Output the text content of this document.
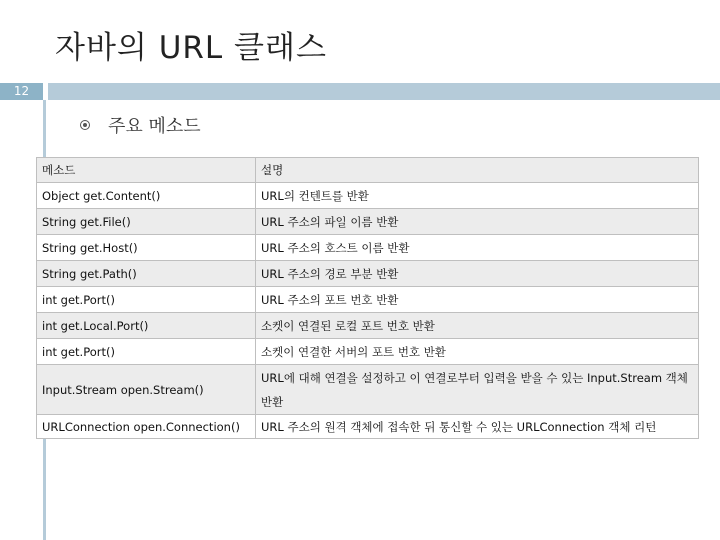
자바의 URL 클래스
12
주요 메소드
메소드	설명
Object get.Content()	URL의 컨텐트를 반환
String get.File()	URL 주소의 파일 이름 반환
String get.Host()	URL 주소의 호스트 이름 반환
String get.Path()	URL 주소의 경로 부분 반환
int get.Port()	URL 주소의 포트 번호 반환
int get.Local.Port()	소켓이 연결된 로컬 포트 번호 반환
int get.Port()	소켓이 연결한 서버의 포트 번호 반환
Input.Stream open.Stream()	URL에 대해 연결을 설정하고 이 연결로부터 입력을 받을 수 있는 Input.Stream 객체 반환
URLConnection open.Connection()	URL 주소의 원격 객체에 접속한 뒤 통신할 수 있는 URLConnection 객체 리턴
